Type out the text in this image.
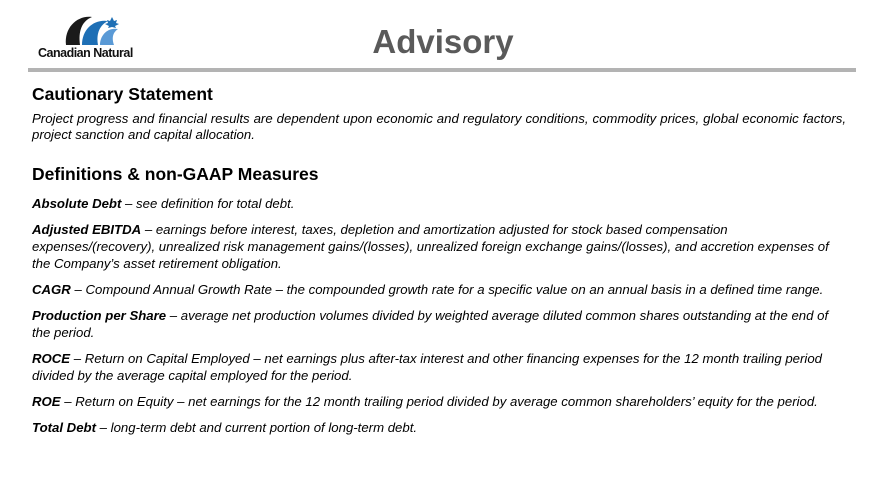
Canadian Natural	Advisory
Cautionary Statement

Project progress and financial results are dependent upon economic and regulatory conditions, commodity prices, global economic factors, project sanction and capital allocation.

Definitions & non-GAAP Measures

Absolute Debt – see definition for total debt.

Adjusted EBITDA – earnings before interest, taxes, depletion and amortization adjusted for stock based compensation expenses/(recovery), unrealized risk management gains/(losses), unrealized foreign exchange gains/(losses), and accretion expenses of the Company’s asset retirement obligation.

CAGR – Compound Annual Growth Rate – the compounded growth rate for a specific value on an annual basis in a defined time range.

Production per Share – average net production volumes divided by weighted average diluted common shares outstanding at the end of the period.

ROCE – Return on Capital Employed – net earnings plus after-tax interest and other financing expenses for the 12 month trailing period divided by the average capital employed for the period.

ROE – Return on Equity – net earnings for the 12 month trailing period divided by average common shareholders’ equity for the period.

Total Debt – long-term debt and current portion of long-term debt.
